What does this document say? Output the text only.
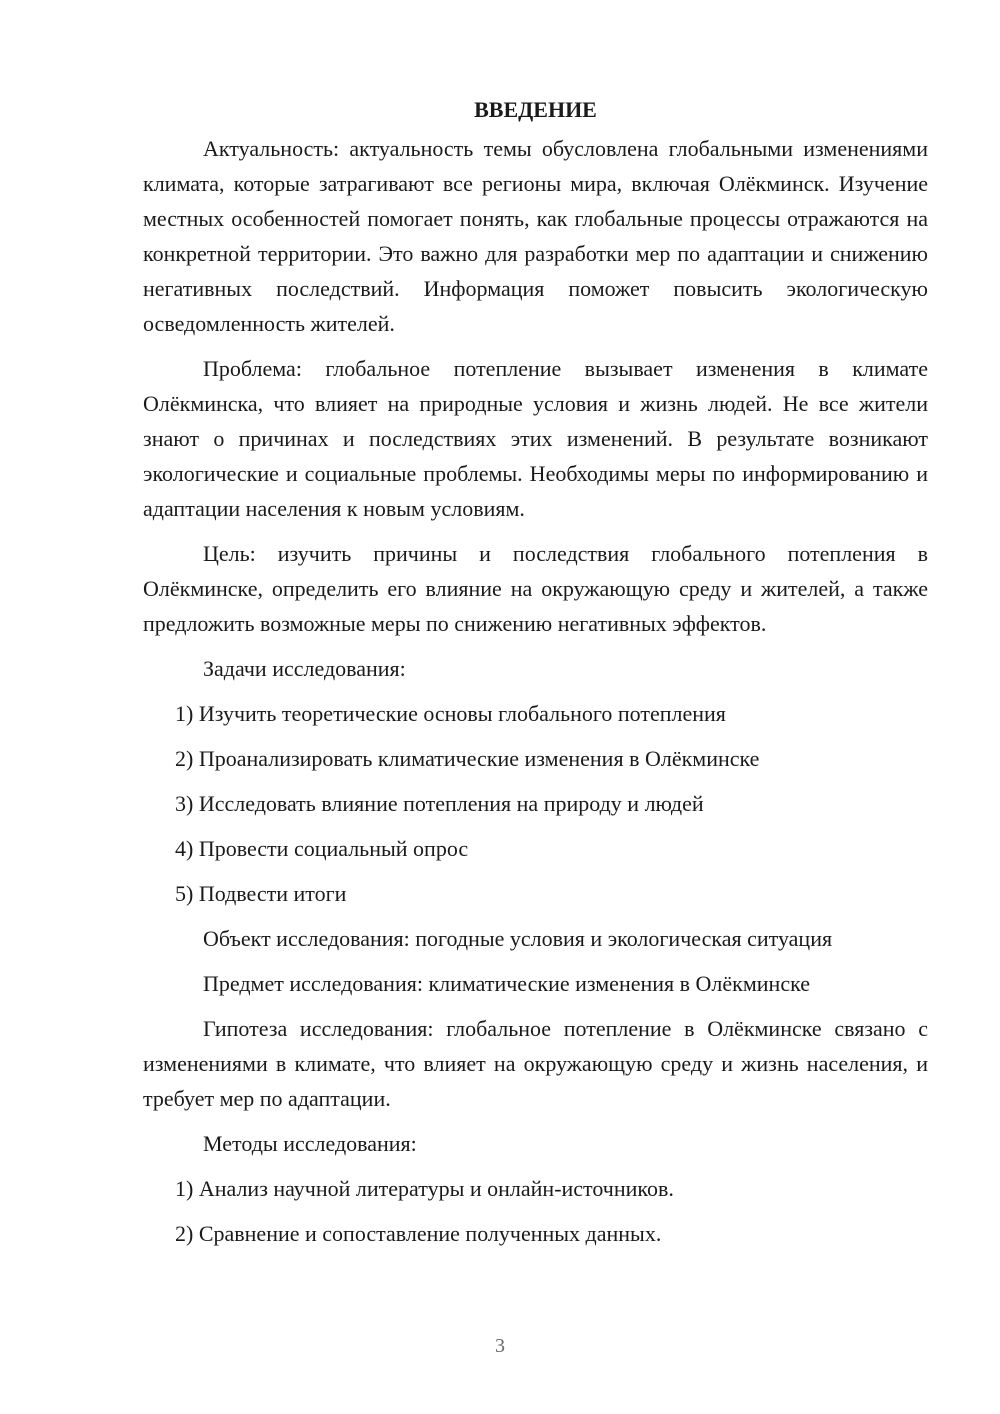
ВВЕДЕНИЕ

Актуальность: актуальность темы обусловлена глобальными изменениями климата, которые затрагивают все регионы мира, включая Олёкминск. Изучение местных особенностей помогает понять, как глобальные процессы отражаются на конкретной территории. Это важно для разработки мер по адаптации и снижению негативных последствий. Информация поможет повысить экологическую осведомленность жителей.

Проблема: глобальное потепление вызывает изменения в климате Олёкминска, что влияет на природные условия и жизнь людей. Не все жители знают о причинах и последствиях этих изменений. В результате возникают экологические и социальные проблемы. Необходимы меры по информированию и адаптации населения к новым условиям.

Цель: изучить причины и последствия глобального потепления в Олёкминске, определить его влияние на окружающую среду и жителей, а также предложить возможные меры по снижению негативных эффектов.

Задачи исследования:

1) Изучить теоретические основы глобального потепления
2) Проанализировать климатические изменения в Олёкминске
3) Исследовать влияние потепления на природу и людей
4) Провести социальный опрос
5) Подвести итоги

Объект исследования: погодные условия и экологическая ситуация

Предмет исследования: климатические изменения в Олёкминске

Гипотеза исследования: глобальное потепление в Олёкминске связано с изменениями в климате, что влияет на окружающую среду и жизнь населения, и требует мер по адаптации.

Методы исследования:

1) Анализ научной литературы и онлайн-источников.
2) Сравнение и сопоставление полученных данных.
3
